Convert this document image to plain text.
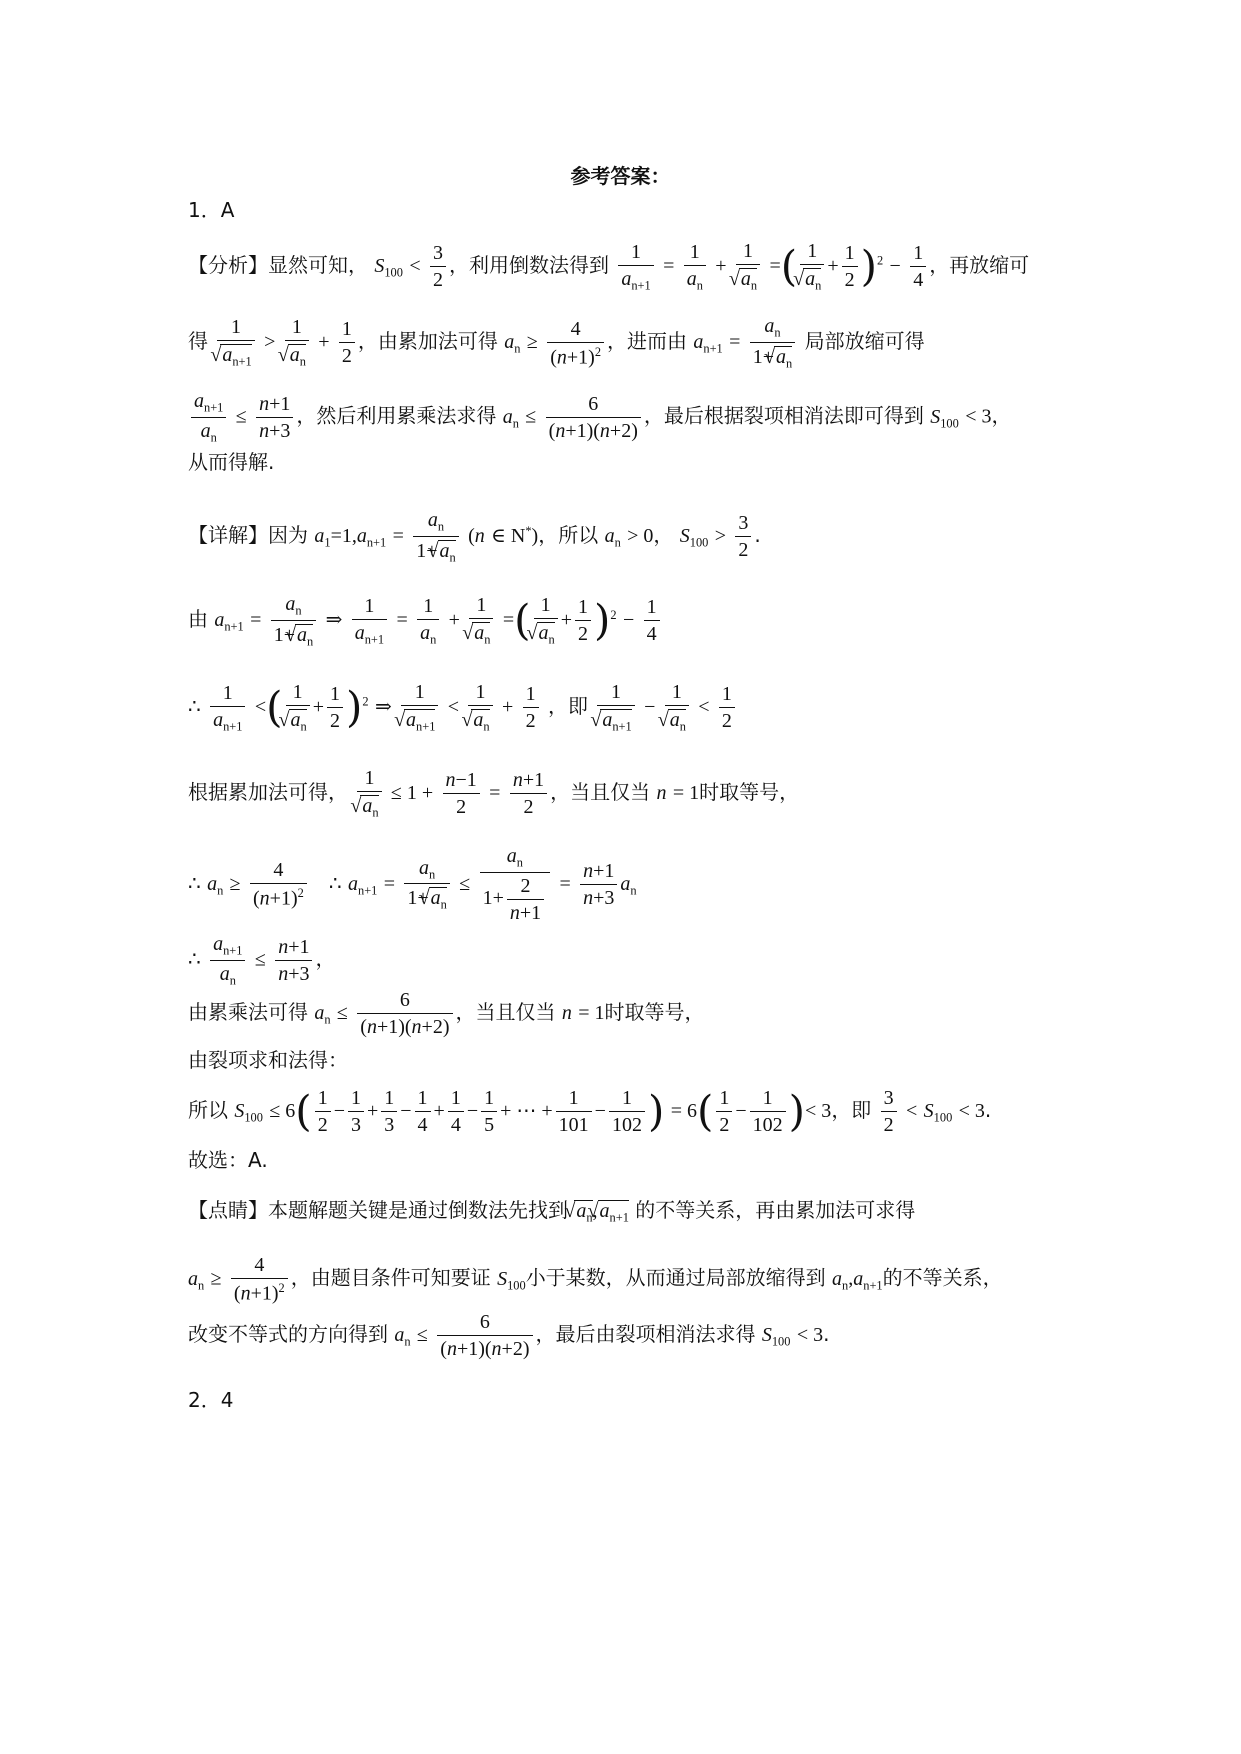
参考答案：
1．A
【分析】显然可知， $S_{100} < \frac{3}{2}$ ，利用倒数法得到 $\frac{1}{a_{n+1}} = \frac{1}{a_n} + 1$
√ $a_n$ =( 1
√ $a_n + \frac{1}{2} )^2 - \frac{1}{4}$ ，再放缩可
得 1
√ $a_{n+1} > 1$
√ $a_n + \frac{1}{2}$ ，由累加法可得 $a_n \ge \frac{4}{(n+1)^2}$ ，进而由 $a_{n+1} = \frac{a_n}{1+√ a_n}$ 局部放缩可得
$\frac{a_{n+1}}{a_n} \le \frac{n+1}{n+3}$ ，然后利用累乘法求得 $a_n \le \frac{6}{(n+1)(n+2)}$ ，最后根据裂项相消法即可得到 $S_{100} < 3$，
从而得解.
【详解】因为 $a_1=1,a_{n+1} = \frac{a_n}{1+√ a_n} (n$ ∈ N*)，所以 $a_n > 0$， $S_{100} > \frac{3}{2}$ .
由 $a_{n+1} = \frac{a_n}{1+√ a_n}$ ⇒ $\frac{1}{a_{n+1}} = \frac{1}{a_n} + 1$
√ $a_n$ =( 1
√ $a_n + \frac{1}{2} )^2 - \frac{1}{4}$
∴ $\frac{1}{a_{n+1}}$ <( 1
√ $a_n + \frac{1}{2} )^2$ ⇒ 1
√ $a_{n+1} < 1$
√ $a_n + \frac{1}{2}$ ，即 1
√ $a_{n+1} - 1$
√ $a_n < \frac{1}{2}$
根据累加法可得， 1
√ $a_n \le 1 + \frac{n-1}{2} = \frac{n+1}{2}$ ，当且仅当 n = 1时取等号，
∴ $a_n \ge \frac{4}{(n+1)^2}$ ∴ $a_{n+1} = \frac{a_n}{1+√ a_n} \le \frac{a_n}{1+ \frac{2}{n+1}} = \frac{n+1}{n+3} a_n$
∴ $\frac{a_{n+1}}{a_n} \le \frac{n+1}{n+3}$ ，
由累乘法可得 $a_n \le \frac{6}{(n+1)(n+2)}$ ，当且仅当 n = 1时取等号，
由裂项求和法得：
所以 $S_{100} \le 6( \frac{1}{2} - \frac{1}{3} + \frac{1}{3} - \frac{1}{4} + \frac{1}{4} - \frac{1}{5}$ + ⋯ + $\frac{1}{101} - \frac{1}{102}$ ) = $6( \frac{1}{2} - \frac{1}{102}$ )< 3，即 $\frac{3}{2} < S_{100} < 3$.
故选：A.
【点睛】本题解题关键是通过倒数法先找到 √ $a_n,√$ $a_{n+1}$ 的不等关系，再由累加法可求得
$a_n \ge \frac{4}{(n+1)^2}$ ，由题目条件可知要证 $S_{100}$小于某数，从而通过局部放缩得到 $a_n,a_{n+1}$的不等关系，
改变不等式的方向得到 $a_n \le \frac{6}{(n+1)(n+2)}$ ，最后由裂项相消法求得 $S_{100} < 3$.
2．4
